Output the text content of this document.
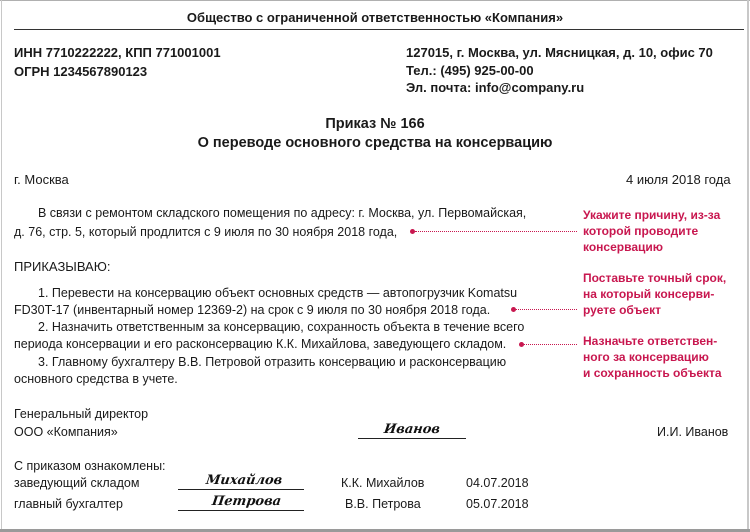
Общество с ограниченной ответственностью «Компания»
ИНН 7710222222, КПП 771001001
ОГРН 1234567890123
127015, г. Москва, ул. Мясницкая, д. 10, офис 70
Тел.: (495) 925-00-00
Эл. почта: info@company.ru
Приказ № 166
О переводе основного средства на консервацию
г. Москва	4 июля 2018 года
В связи с ремонтом складского помещения по адресу: г. Москва, ул. Первомайская,
д. 76, стр. 5, который продлится с 9 июля по 30 ноября 2018 года,
ПРИКАЗЫВАЮ:
1. Перевести на консервацию объект основных средств — автопогрузчик Komatsu
FD30T-17 (инвентарный номер 12369-2) на срок с 9 июля по 30 ноября 2018 года.
2. Назначить ответственным за консервацию, сохранность объекта в течение всего
периода консервации и его расконсервацию К.К. Михайлова, заведующего складом.
3. Главному бухгалтеру В.В. Петровой отразить консервацию и расконсервацию
основного средства в учете.
Укажите причину, из-за
которой проводите
консервацию
Поставьте точный срок,
на который консерви-
руете объект
Назначьте ответствен-
ного за консервацию
и сохранность объекта
Генеральный директор
ООО «Компания»	Иванов	И.И. Иванов
С приказом ознакомлены:
заведующий складом	Михайлов	К.К. Михайлов	04.07.2018
главный бухгалтер	Петрова	В.В. Петрова	05.07.2018
